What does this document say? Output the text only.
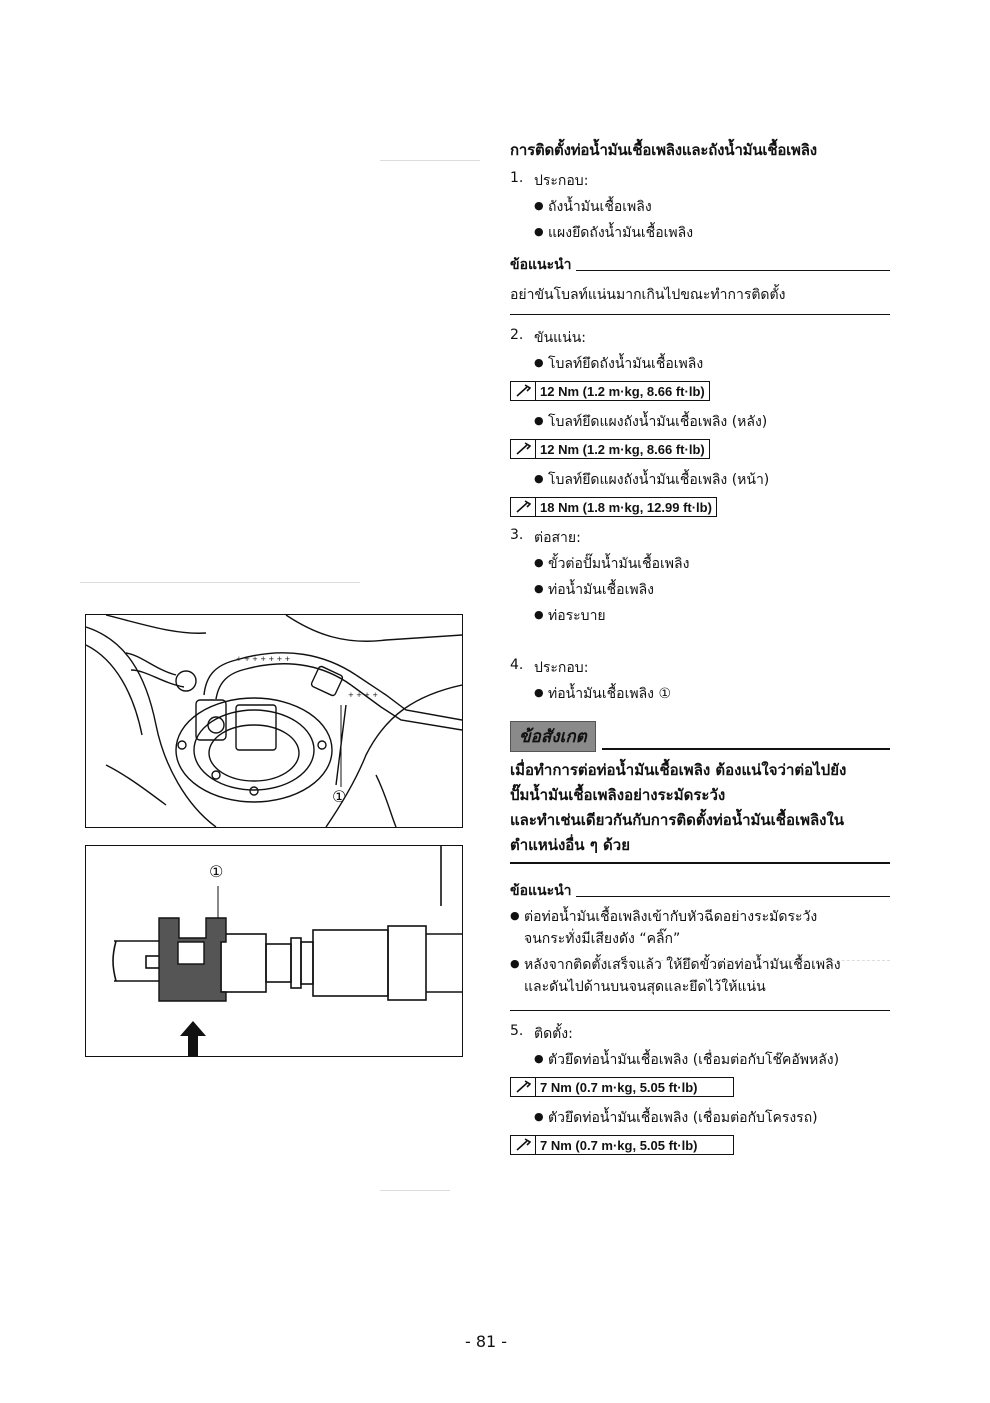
+ + + + + + +
+ + + +
①
①
การติดตั้งท่อน้ำมันเชื้อเพลิงและถังน้ำมันเชื้อเพลิง
1. ประกอบ:
● ถังน้ำมันเชื้อเพลิง
● แผงยึดถังน้ำมันเชื้อเพลิง
ข้อแนะนำ
อย่าขันโบลท์แน่นมากเกินไปขณะทำการติดตั้ง
2. ขันแน่น:
● โบลท์ยึดถังน้ำมันเชื้อเพลิง
12 Nm (1.2 m·kg, 8.66 ft·lb)
● โบลท์ยึดแผงถังน้ำมันเชื้อเพลิง (หลัง)
12 Nm (1.2 m·kg, 8.66 ft·lb)
● โบลท์ยึดแผงถังน้ำมันเชื้อเพลิง (หน้า)
18 Nm (1.8 m·kg, 12.99 ft·lb)
3. ต่อสาย:
● ขั้วต่อปั๊มน้ำมันเชื้อเพลิง
● ท่อน้ำมันเชื้อเพลิง
● ท่อระบาย
4. ประกอบ:
● ท่อน้ำมันเชื้อเพลิง ①
ข้อสังเกต
เมื่อทำการต่อท่อน้ำมันเชื้อเพลิง ต้องแน่ใจว่าต่อไปยัง
ปั๊มน้ำมันเชื้อเพลิงอย่างระมัดระวัง
และทำเช่นเดียวกันกับการติดตั้งท่อน้ำมันเชื้อเพลิงใน
ตำแหน่งอื่น ๆ ด้วย
ข้อแนะนำ
● ต่อท่อน้ำมันเชื้อเพลิงเข้ากับหัวฉีดอย่างระมัดระวัง
จนกระทั่งมีเสียงดัง “คลิ๊ก”
● หลังจากติดตั้งเสร็จแล้ว ให้ยึดขั้วต่อท่อน้ำมันเชื้อเพลิง
และดันไปด้านบนจนสุดและยึดไว้ให้แน่น
5. ติดตั้ง:
● ตัวยึดท่อน้ำมันเชื้อเพลิง (เชื่อมต่อกับโช๊คอัพหลัง)
7 Nm (0.7 m·kg, 5.05 ft·lb)
● ตัวยึดท่อน้ำมันเชื้อเพลิง (เชื่อมต่อกับโครงรถ)
7 Nm (0.7 m·kg, 5.05 ft·lb)
- 81 -
